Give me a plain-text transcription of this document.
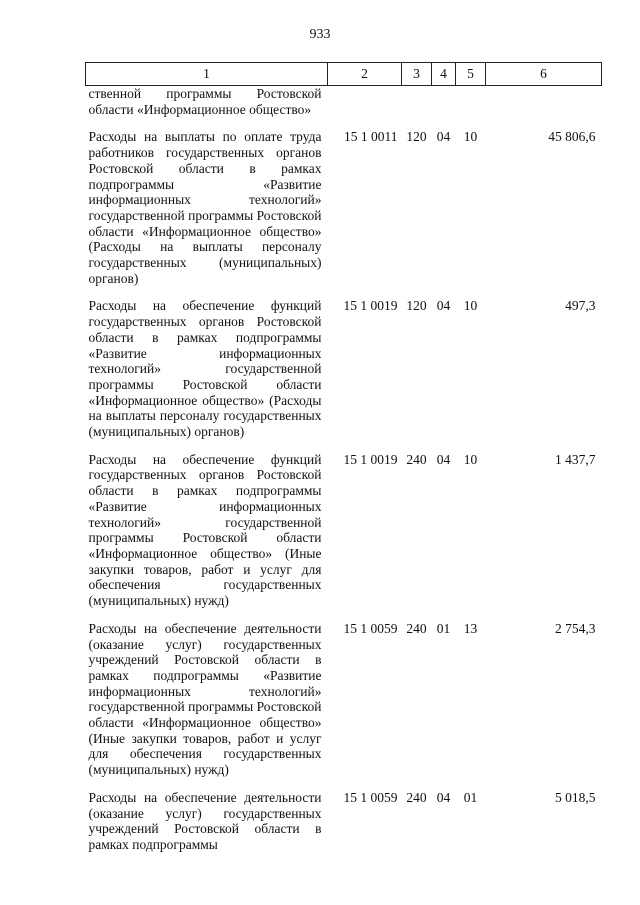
933
1	2	3	4	5	6
ственной программы Ростовской области «Информационное общество»					
Расходы на выплаты по оплате труда работников государственных органов Ростовской области в рамках подпрограммы «Развитие информационных технологий» государственной программы Ростовской области «Информационное общество» (Расходы на выплаты персоналу государственных (муниципальных) органов)	15 1 0011	120	04	10	45 806,6
Расходы на обеспечение функций государственных органов Ростовской области в рамках подпрограммы «Развитие информационных технологий» государственной программы Ростовской области «Информационное общество» (Расходы на выплаты персоналу государственных (муниципальных) органов)	15 1 0019	120	04	10	497,3
Расходы на обеспечение функций государственных органов Ростовской области в рамках подпрограммы «Развитие информационных технологий» государственной программы Ростовской области «Информационное общество» (Иные закупки товаров, работ и услуг для обеспечения государственных (муниципальных) нужд)	15 1 0019	240	04	10	1 437,7
Расходы на обеспечение деятельности (оказание услуг) государственных учреждений Ростовской области в рамках подпрограммы «Развитие информационных технологий» государственной программы Ростовской области «Информационное общество» (Иные закупки товаров, работ и услуг для обеспечения государственных (муниципальных) нужд)	15 1 0059	240	01	13	2 754,3
Расходы на обеспечение деятельности (оказание услуг) государственных учреждений Ростовской области в рамках подпрограммы	15 1 0059	240	04	01	5 018,5
